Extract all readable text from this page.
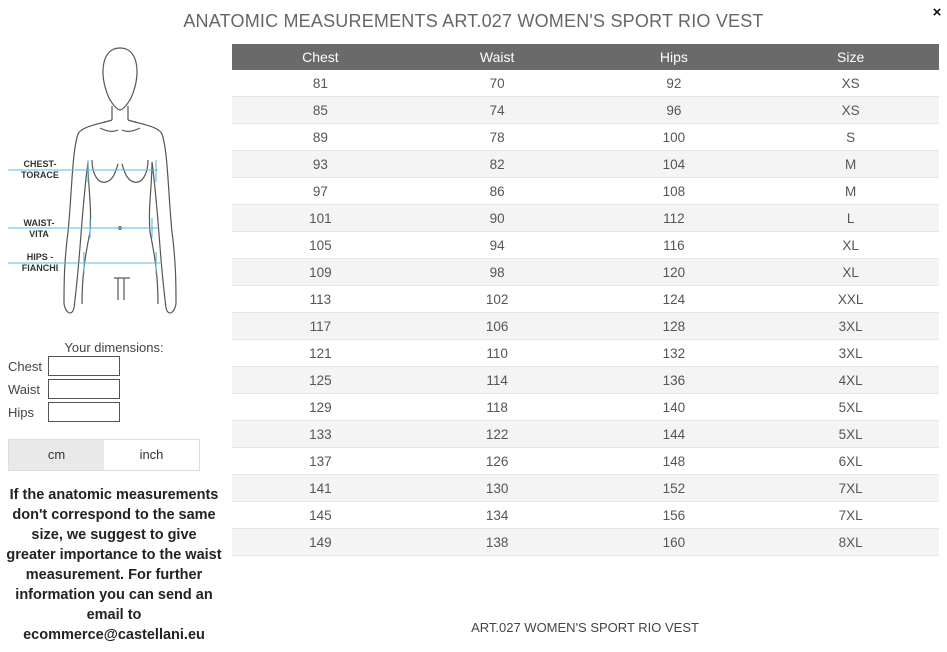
ANATOMIC MEASUREMENTS ART.027 WOMEN'S SPORT RIO VEST	×
CHEST-
TORACE
WAIST-
VITA
HIPS -
FIANCHI
Your dimensions:
Chest
Waist
Hips
cm	inch
If the anatomic measurements don't correspond to the same size, we suggest to give greater importance to the waist measurement. For further information you can send an email to ecommerce@castellani.eu
Chest	Waist	Hips	Size
81	70	92	XS
85	74	96	XS
89	78	100	S
93	82	104	M
97	86	108	M
101	90	112	L
105	94	116	XL
109	98	120	XL
113	102	124	XXL
117	106	128	3XL
121	110	132	3XL
125	114	136	4XL
129	118	140	5XL
133	122	144	5XL
137	126	148	6XL
141	130	152	7XL
145	134	156	7XL
149	138	160	8XL
ART.027 WOMEN'S SPORT RIO VEST
